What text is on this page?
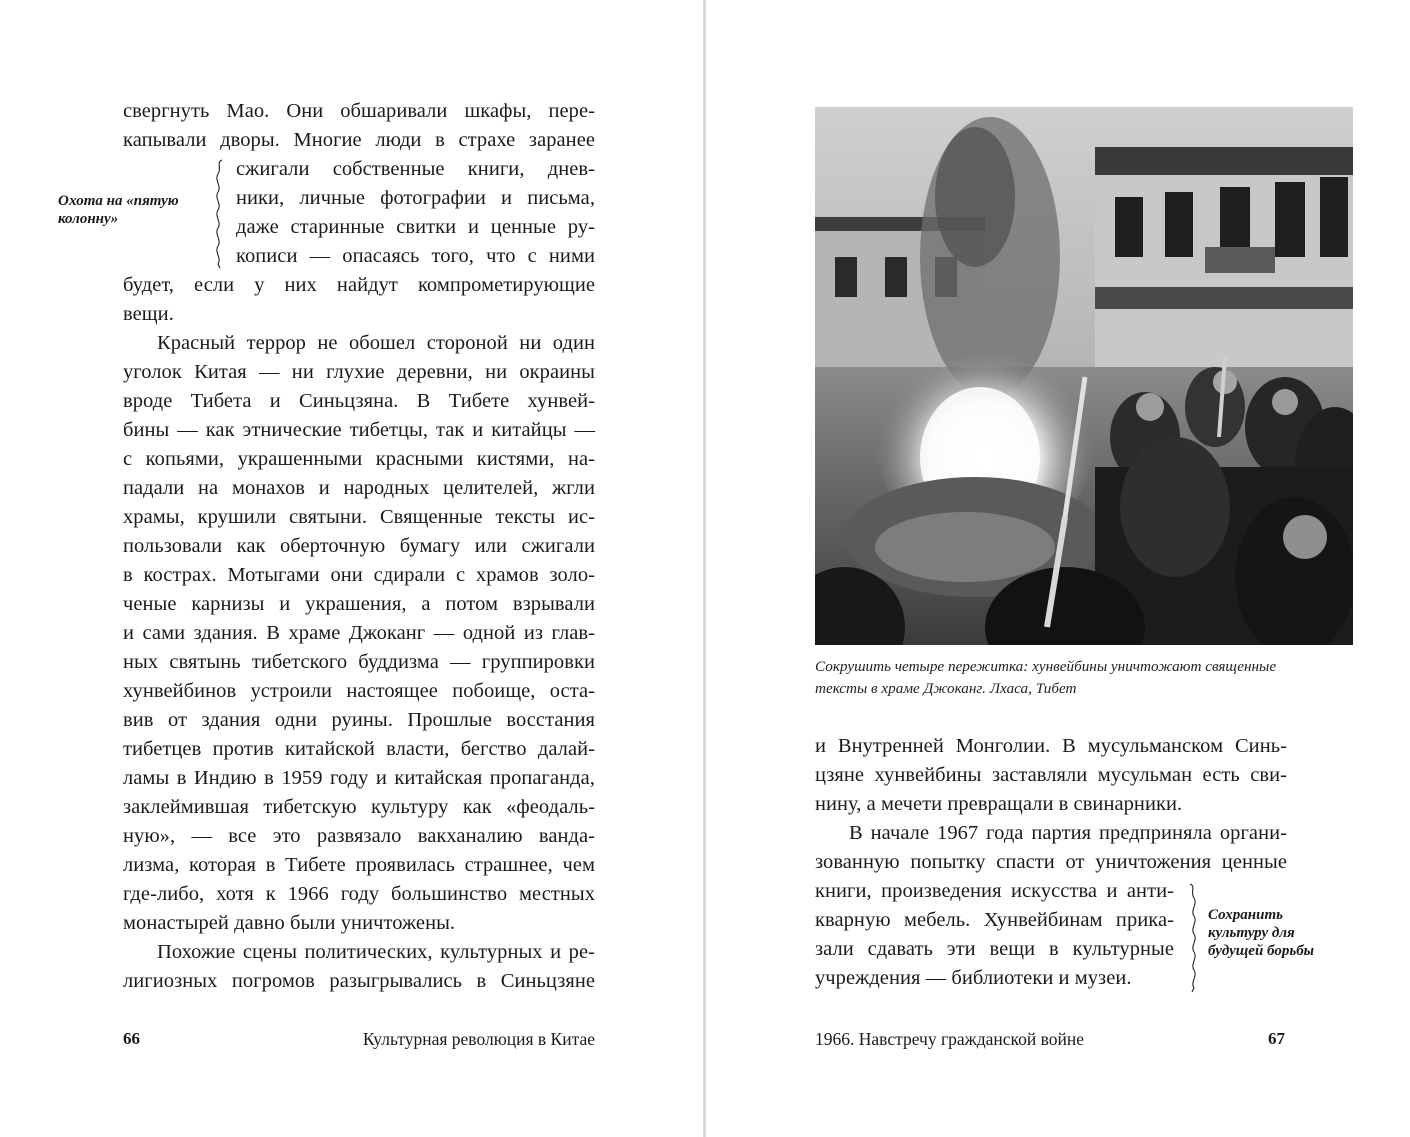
свергнуть Мао. Они обшаривали шкафы, пере-
капывали дворы. Многие люди в страхе заранее
сжигали собственные книги, днев-
ники, личные фотографии и письма,
даже старинные свитки и ценные ру-
кописи — опасаясь того, что с ними
будет, если у них найдут компрометирующие
вещи.
Красный террор не обошел стороной ни один
уголок Китая — ни глухие деревни, ни окраины
вроде Тибета и Синьцзяна. В Тибете хунвей-
бины — как этнические тибетцы, так и китайцы —
с копьями, украшенными красными кистями, на-
падали на монахов и народных целителей, жгли
храмы, крушили святыни. Священные тексты ис-
пользовали как оберточную бумагу или сжигали
в кострах. Мотыгами они сдирали с храмов золо-
ченые карнизы и украшения, а потом взрывали
и сами здания. В храме Джоканг — одной из глав-
ных святынь тибетского буддизма — группировки
хунвейбинов устроили настоящее побоище, оста-
вив от здания одни руины. Прошлые восстания
тибетцев против китайской власти, бегство далай-
ламы в Индию в 1959 году и китайская пропаганда,
заклеймившая тибетскую культуру как «феодаль-
ную», — все это развязало вакханалию ванда-
лизма, которая в Тибете проявилась страшнее, чем
где-либо, хотя к 1966 году большинство местных
монастырей давно были уничтожены.
Похожие сцены политических, культурных и ре-
лигиозных погромов разыгрывались в Синьцзяне
Охота на «пятую
колонну»
66	Культурная революция в Китае
Сокрушить четыре пережитка: хунвейбины уничтожают священные
тексты в храме Джоканг. Лхаса, Тибет
и Внутренней Монголии. В мусульманском Синь-
цзяне хунвейбины заставляли мусульман есть сви-
нину, а мечети превращали в свинарники.
В начале 1967 года партия предприняла органи-
зованную попытку спасти от уничтожения ценные
книги, произведения искусства и анти-
кварную мебель. Хунвейбинам прика-
зали сдавать эти вещи в культурные
учреждения — библиотеки и музеи.
Сохранить
культуру для
будущей борьбы
1966. Навстречу гражданской войне	67
